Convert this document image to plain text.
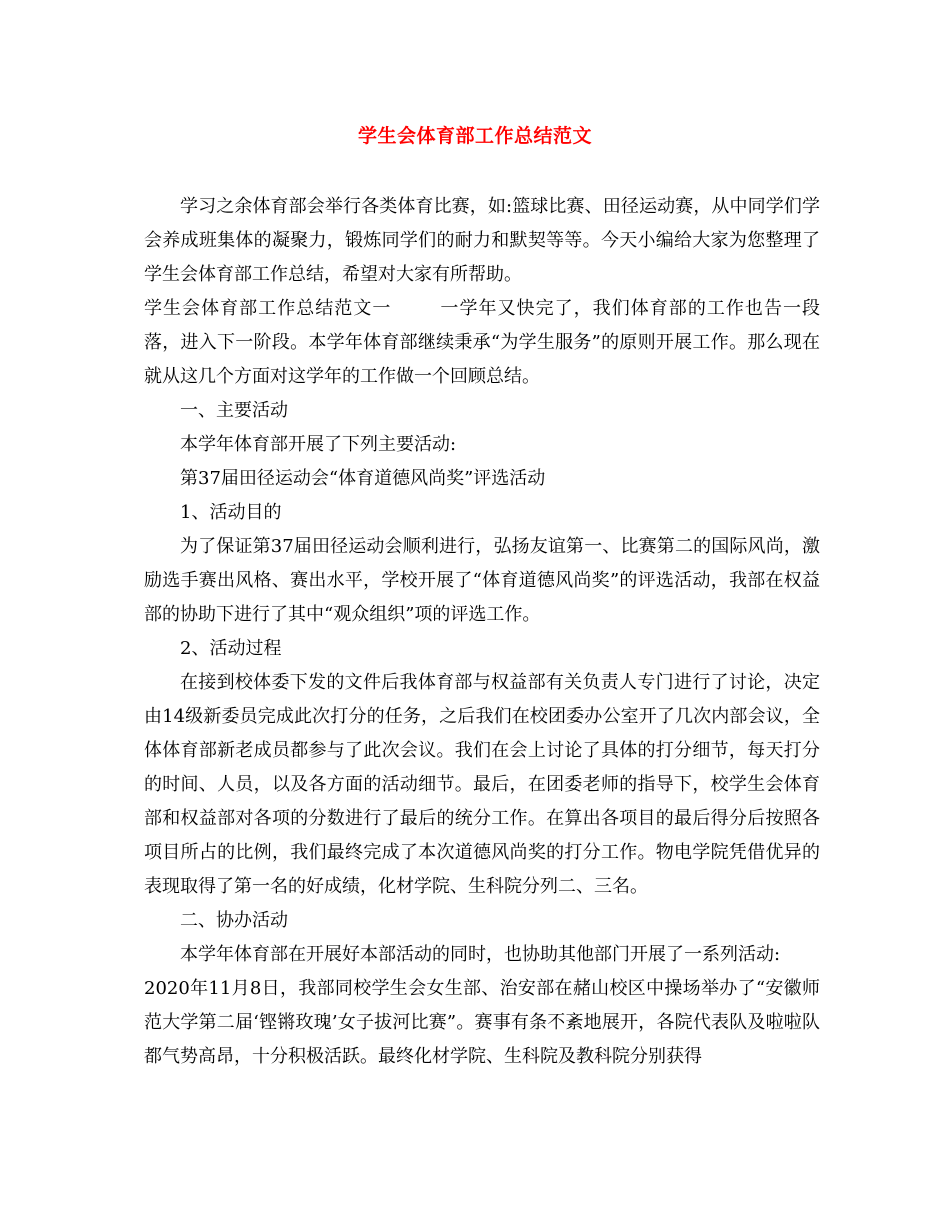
学生会体育部工作总结范文

学习之余体育部会举行各类体育比赛，如:篮球比赛、田径运动赛，从中同学们学会养成班集体的凝聚力，锻炼同学们的耐力和默契等等。今天小编给大家为您整理了学生会体育部工作总结，希望对大家有所帮助。

学生会体育部工作总结范文一	一学年又快完了，我们体育部的工作也告一段落，进入下一阶段。本学年体育部继续秉承“为学生服务”的原则开展工作。那么现在就从这几个方面对这学年的工作做一个回顾总结。

一、主要活动

本学年体育部开展了下列主要活动:

第37届田径运动会“体育道德风尚奖”评选活动

1、活动目的

为了保证第37届田径运动会顺利进行，弘扬友谊第一、比赛第二的国际风尚，激励选手赛出风格、赛出水平，学校开展了“体育道德风尚奖”的评选活动，我部在权益部的协助下进行了其中“观众组织”项的评选工作。

2、活动过程

在接到校体委下发的文件后我体育部与权益部有关负责人专门进行了讨论，决定由14级新委员完成此次打分的任务，之后我们在校团委办公室开了几次内部会议，全体体育部新老成员都参与了此次会议。我们在会上讨论了具体的打分细节，每天打分的时间、人员，以及各方面的活动细节。最后，在团委老师的指导下，校学生会体育部和权益部对各项的分数进行了最后的统分工作。在算出各项目的最后得分后按照各项目所占的比例，我们最终完成了本次道德风尚奖的打分工作。物电学院凭借优异的表现取得了第一名的好成绩，化材学院、生科院分列二、三名。

二、协办活动

本学年体育部在开展好本部活动的同时，也协助其他部门开展了一系列活动:

2020年11月8日，我部同校学生会女生部、治安部在赭山校区中操场举办了“安徽师范大学第二届‘铿锵玫瑰’女子拔河比赛”。赛事有条不紊地展开，各院代表队及啦啦队都气势高昂，十分积极活跃。最终化材学院、生科院及教科院分别获得
